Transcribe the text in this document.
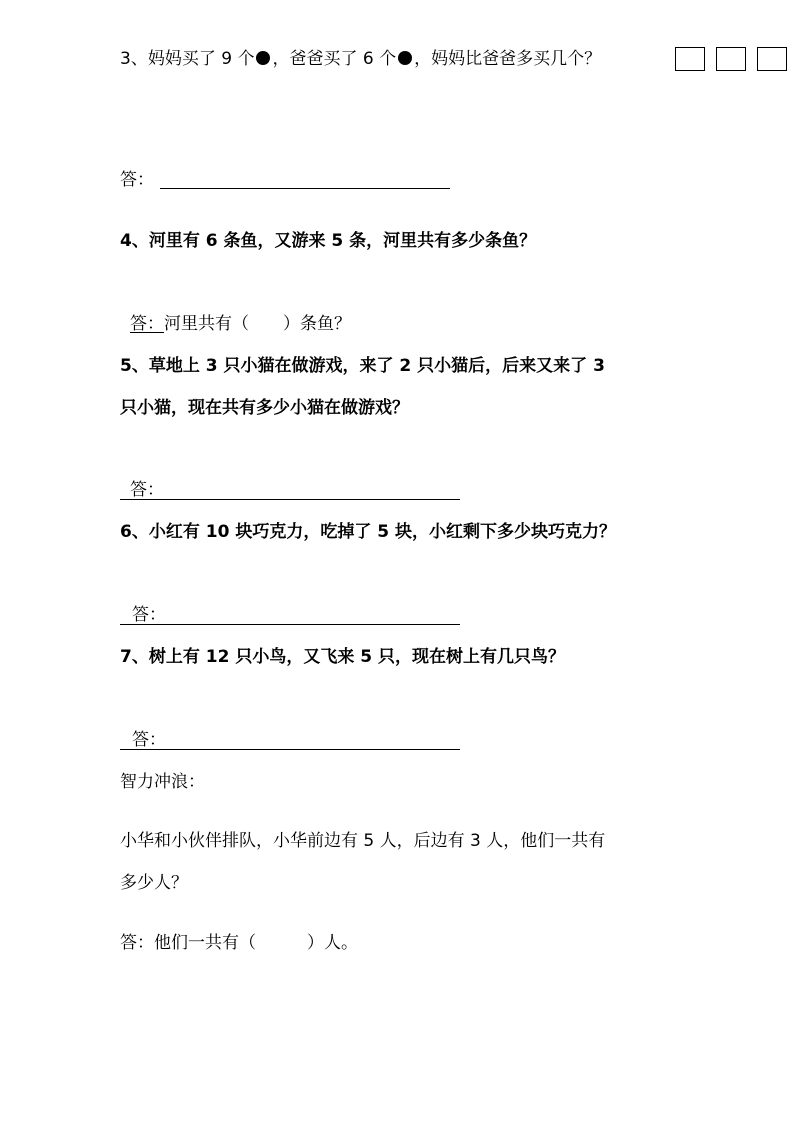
3、妈妈买了 9 个 ，爸爸买了 6 个 ，妈妈比爸爸多买几个？
答：
4、河里有 6 条鱼，又游来 5 条，河里共有多少条鱼？
答：河里共有（　　）条鱼？
5、草地上 3 只小猫在做游戏，来了 2 只小猫后，后来又来了 3
只小猫，现在共有多少小猫在做游戏？
答：
6、小红有 10 块巧克力，吃掉了 5 块，小红剩下多少块巧克力？
答：
7、树上有 12 只小鸟，又飞来 5 只，现在树上有几只鸟？
答：
智力冲浪：
小华和小伙伴排队，小华前边有 5 人，后边有 3 人，他们一共有
多少人？
答：他们一共有（　　　）人。
